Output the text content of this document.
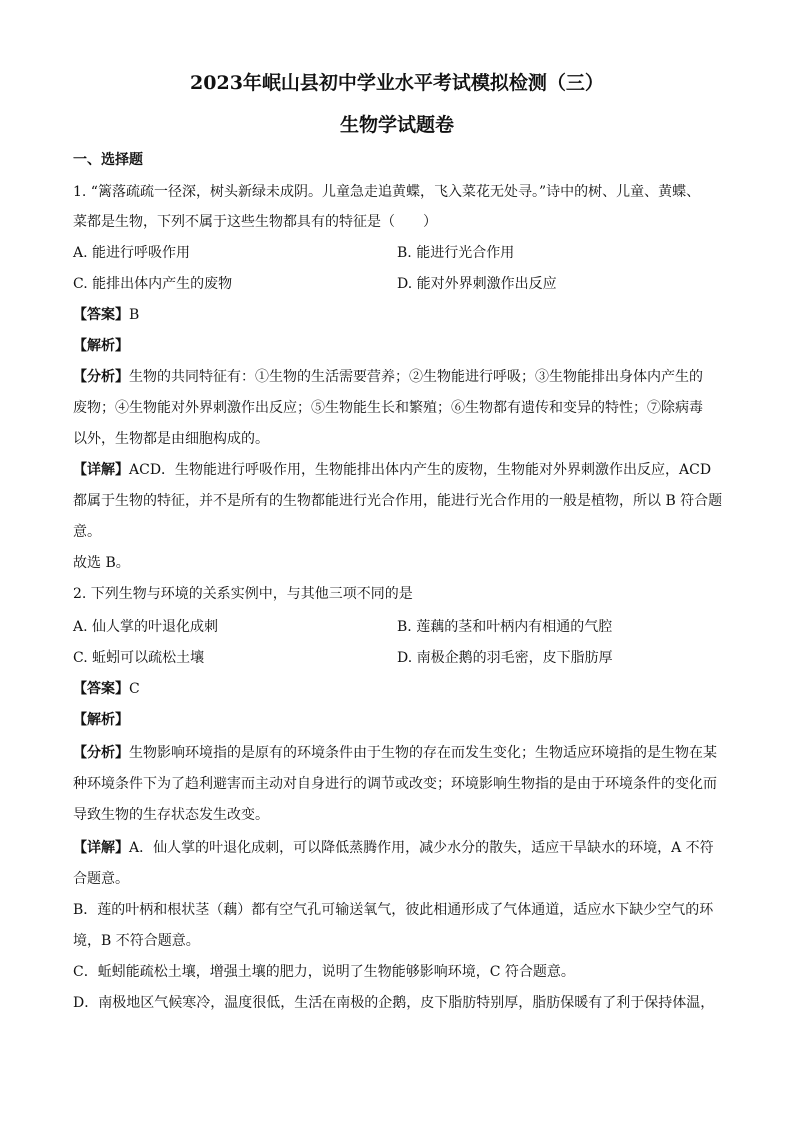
2023年岷山县初中学业水平考试模拟检测（三）
生物学试题卷
一、选择题
1. “篱落疏疏一径深，树头新绿未成阴。儿童急走追黄蝶，飞入菜花无处寻。”诗中的树、儿童、黄蝶、
菜都是生物，下列不属于这些生物都具有的特征是（　　）
A. 能进行呼吸作用	B. 能进行光合作用
C. 能排出体内产生的废物	D. 能对外界刺激作出反应
【答案】B
【解析】
【分析】生物的共同特征有：①生物的生活需要营养；②生物能进行呼吸；③生物能排出身体内产生的
废物；④生物能对外界刺激作出反应；⑤生物能生长和繁殖；⑥生物都有遗传和变异的特性；⑦除病毒
以外，生物都是由细胞构成的。
【详解】ACD．生物能进行呼吸作用，生物能排出体内产生的废物，生物能对外界刺激作出反应，ACD
都属于生物的特征，并不是所有的生物都能进行光合作用，能进行光合作用的一般是植物，所以 B 符合题
意。
故选 B。
2. 下列生物与环境的关系实例中，与其他三项不同的是
A. 仙人掌的叶退化成刺	B. 莲藕的茎和叶柄内有相通的气腔
C. 蚯蚓可以疏松土壤	D. 南极企鹅的羽毛密，皮下脂肪厚
【答案】C
【解析】
【分析】生物影响环境指的是原有的环境条件由于生物的存在而发生变化；生物适应环境指的是生物在某
种环境条件下为了趋利避害而主动对自身进行的调节或改变；环境影响生物指的是由于环境条件的变化而
导致生物的生存状态发生改变。
【详解】A．仙人掌的叶退化成刺，可以降低蒸腾作用，减少水分的散失，适应干旱缺水的环境，A 不符
合题意。
B．莲的叶柄和根状茎（藕）都有空气孔可输送氧气，彼此相通形成了气体通道，适应水下缺少空气的环
境，B 不符合题意。
C．蚯蚓能疏松土壤，增强土壤的肥力，说明了生物能够影响环境，C 符合题意。
D．南极地区气候寒冷，温度很低，生活在南极的企鹅，皮下脂肪特别厚，脂肪保暖有了利于保持体温，
